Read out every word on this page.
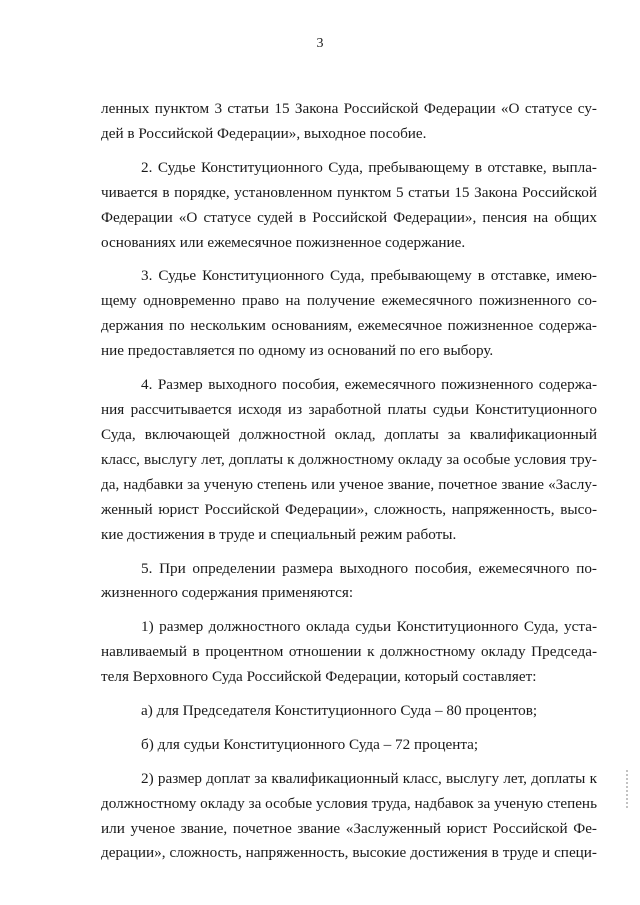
3
ленных пунктом 3 статьи 15 Закона Российской Федерации «О статусе су-
дей в Российской Федерации», выходное пособие.
2. Судье Конституционного Суда, пребывающему в отставке, выпла-
чивается в порядке, установленном пунктом 5 статьи 15 Закона Российской
Федерации «О статусе судей в Российской Федерации», пенсия на общих
основаниях или ежемесячное пожизненное содержание.
3. Судье Конституционного Суда, пребывающему в отставке, имею-
щему одновременно право на получение ежемесячного пожизненного со-
держания по нескольким основаниям, ежемесячное пожизненное содержа-
ние предоставляется по одному из оснований по его выбору.
4. Размер выходного пособия, ежемесячного пожизненного содержа-
ния рассчитывается исходя из заработной платы судьи Конституционного
Суда, включающей должностной оклад, доплаты за квалификационный
класс, выслугу лет, доплаты к должностному окладу за особые условия тру-
да, надбавки за ученую степень или ученое звание, почетное звание «Заслу-
женный юрист Российской Федерации», сложность, напряженность, высо-
кие достижения в труде и специальный режим работы.
5. При определении размера выходного пособия, ежемесячного по-
жизненного содержания применяются:
1) размер должностного оклада судьи Конституционного Суда, уста-
навливаемый в процентном отношении к должностному окладу Председа-
теля Верховного Суда Российской Федерации, который составляет:
а) для Председателя Конституционного Суда – 80 процентов;
б) для судьи Конституционного Суда – 72 процента;
2) размер доплат за квалификационный класс, выслугу лет, доплаты к
должностному окладу за особые условия труда, надбавок за ученую степень
или ученое звание, почетное звание «Заслуженный юрист Российской Фе-
дерации», сложность, напряженность, высокие достижения в труде и специ-
